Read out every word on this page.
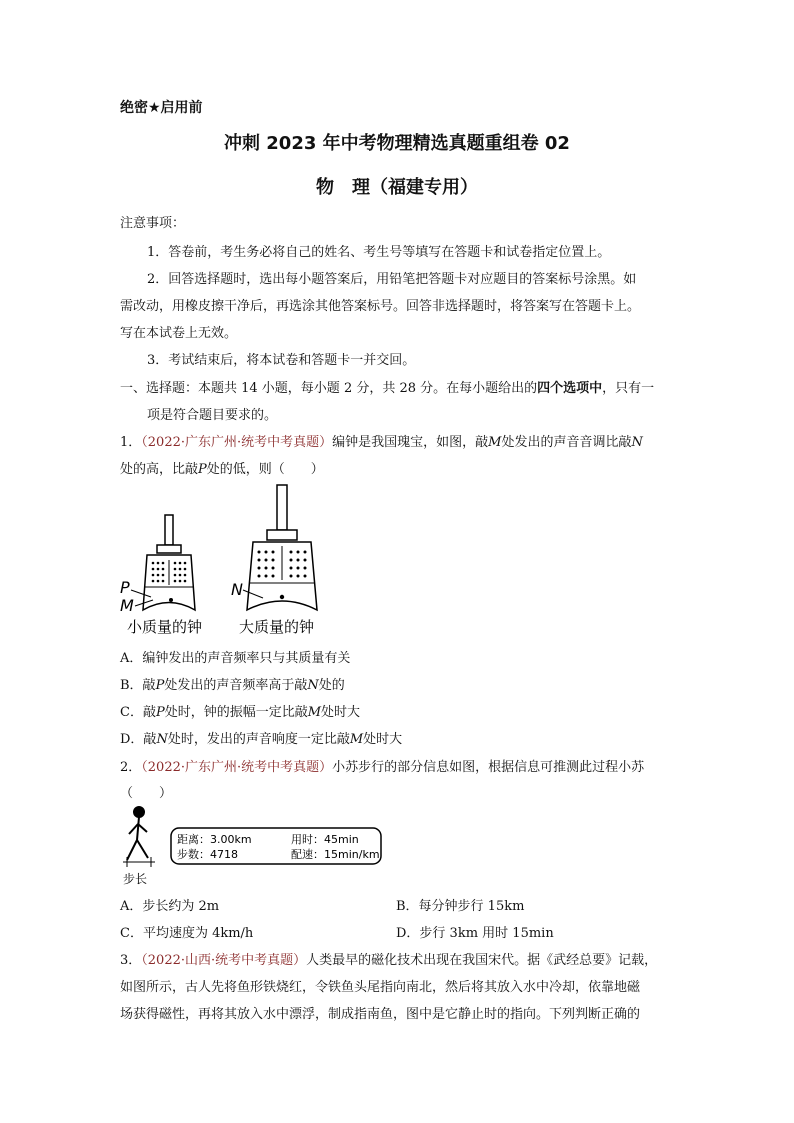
绝密★启用前
冲刺 2023 年中考物理精选真题重组卷 02
物　理（福建专用）
注意事项：
1．答卷前，考生务必将自己的姓名、考生号等填写在答题卡和试卷指定位置上。
2．回答选择题时，选出每小题答案后，用铅笔把答题卡对应题目的答案标号涂黑。如
需改动，用橡皮擦干净后，再选涂其他答案标号。回答非选择题时，将答案写在答题卡上。
写在本试卷上无效。
3．考试结束后，将本试卷和答题卡一并交回。
一、选择题：本题共 14 小题，每小题 2 分，共 28 分。在每小题给出的四个选项中，只有一
项是符合题目要求的。
1．（2022·广东广州·统考中考真题）编钟是我国瑰宝，如图，敲M处发出的声音音调比敲N
处的高，比敲P处的低，则（　　）
P
M
小质量的钟
N
大质量的钟
A．编钟发出的声音频率只与其质量有关
B．敲P处发出的声音频率高于敲N处的
C．敲P处时，钟的振幅一定比敲M处时大
D．敲N处时，发出的声音响度一定比敲M处时大
2．（2022·广东广州·统考中考真题）小苏步行的部分信息如图，根据信息可推测此过程小苏
（　　）
步长
距离：3.00km	用时：45min
步数：4718	配速：15min/km
A．步长约为 2m	B．每分钟步行 15km
C．平均速度为 4km/h	D．步行 3km 用时 15min
3．（2022·山西·统考中考真题）人类最早的磁化技术出现在我国宋代。据《武经总要》记载，
如图所示，古人先将鱼形铁烧红，令铁鱼头尾指向南北，然后将其放入水中冷却，依靠地磁
场获得磁性，再将其放入水中漂浮，制成指南鱼，图中是它静止时的指向。下列判断正确的
